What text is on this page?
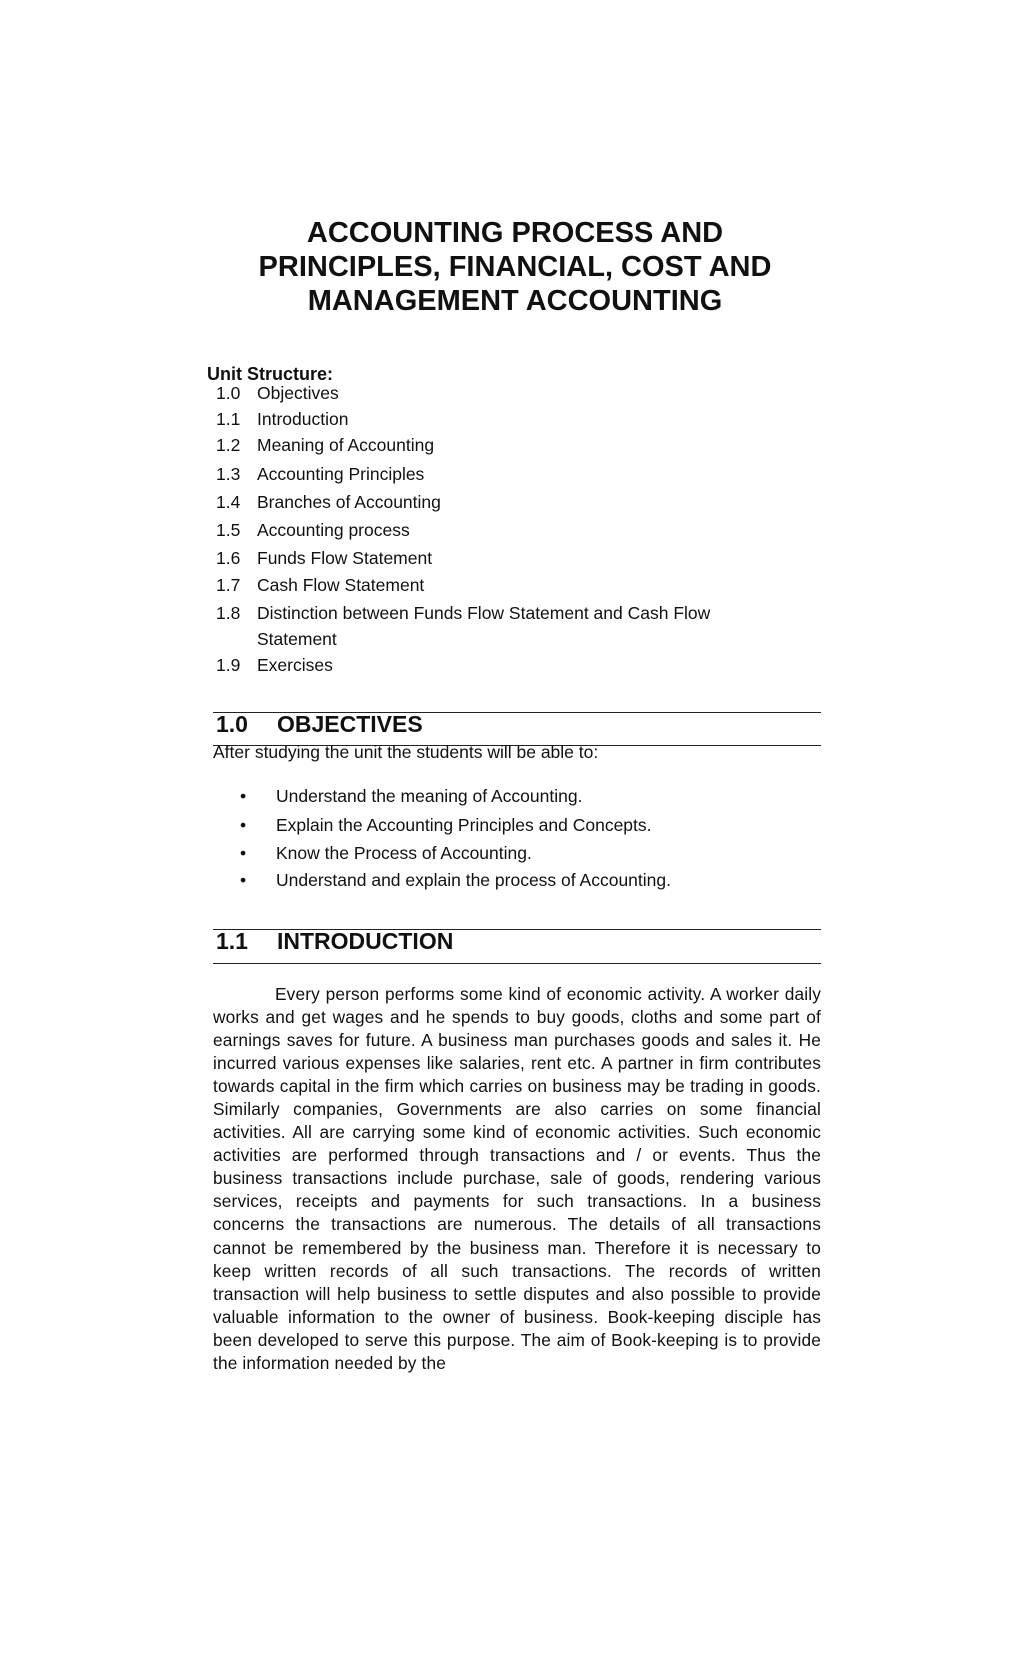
ACCOUNTING PROCESS AND
PRINCIPLES, FINANCIAL, COST AND
MANAGEMENT ACCOUNTING

Unit Structure:

1.0 Objectives
1.1 Introduction
1.2 Meaning of Accounting
1.3 Accounting Principles
1.4 Branches of Accounting
1.5 Accounting process
1.6 Funds Flow Statement
1.7 Cash Flow Statement
1.8 Distinction between Funds Flow Statement and Cash Flow Statement
1.9 Exercises
1.0 OBJECTIVES

After studying the unit the students will be able to:

• Understand the meaning of Accounting.
• Explain the Accounting Principles and Concepts.
• Know the Process of Accounting.
• Understand and explain the process of Accounting.
1.1 INTRODUCTION

Every person performs some kind of economic activity. A worker daily works and get wages and he spends to buy goods, cloths and some part of earnings saves for future. A business man purchases goods and sales it. He incurred various expenses like salaries, rent etc. A partner in firm contributes towards capital in the firm which carries on business may be trading in goods. Similarly companies, Governments are also carries on some financial activities. All are carrying some kind of economic activities. Such economic activities are performed through transactions and / or events. Thus the business transactions include purchase, sale of goods, rendering various services, receipts and payments for such transactions. In a business concerns the transactions are numerous. The details of all transactions cannot be remembered by the business man. Therefore it is necessary to keep written records of all such transactions. The records of written transaction will help business to settle disputes and also possible to provide valuable information to the owner of business. Book-keeping disciple has been developed to serve this purpose. The aim of Book-keeping is to provide the information needed by the
